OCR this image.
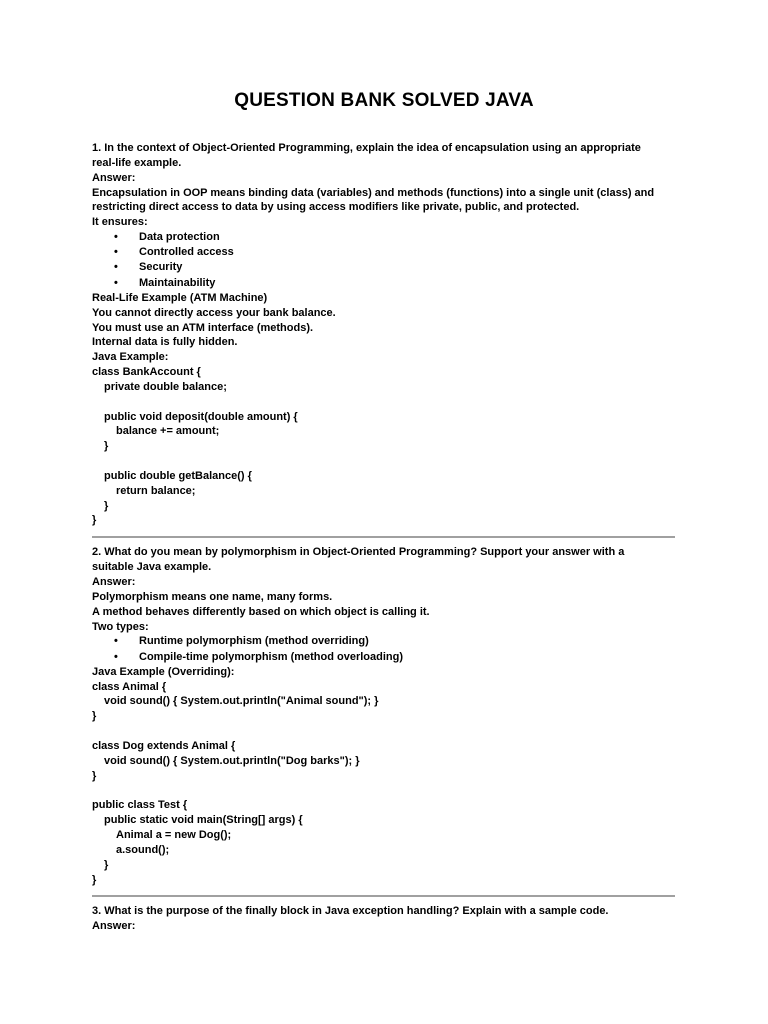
QUESTION BANK SOLVED JAVA
1. In the context of Object-Oriented Programming, explain the idea of encapsulation using an appropriate
real-life example.
Answer:
Encapsulation in OOP means binding data (variables) and methods (functions) into a single unit (class) and
restricting direct access to data by using access modifiers like private, public, and protected.
It ensures:
• Data protection
• Controlled access
• Security
• Maintainability
Real-Life Example (ATM Machine)
You cannot directly access your bank balance.
You must use an ATM interface (methods).
Internal data is fully hidden.
Java Example:
class BankAccount {
private double balance;
public void deposit(double amount) {
balance += amount;
}
public double getBalance() {
return balance;
}
}
2. What do you mean by polymorphism in Object-Oriented Programming? Support your answer with a
suitable Java example.
Answer:
Polymorphism means one name, many forms.
A method behaves differently based on which object is calling it.
Two types:
• Runtime polymorphism (method overriding)
• Compile-time polymorphism (method overloading)
Java Example (Overriding):
class Animal {
void sound() { System.out.println("Animal sound"); }
}
class Dog extends Animal {
void sound() { System.out.println("Dog barks"); }
}
public class Test {
public static void main(String[] args) {
Animal a = new Dog();
a.sound();
}
}
3. What is the purpose of the finally block in Java exception handling? Explain with a sample code.
Answer:
